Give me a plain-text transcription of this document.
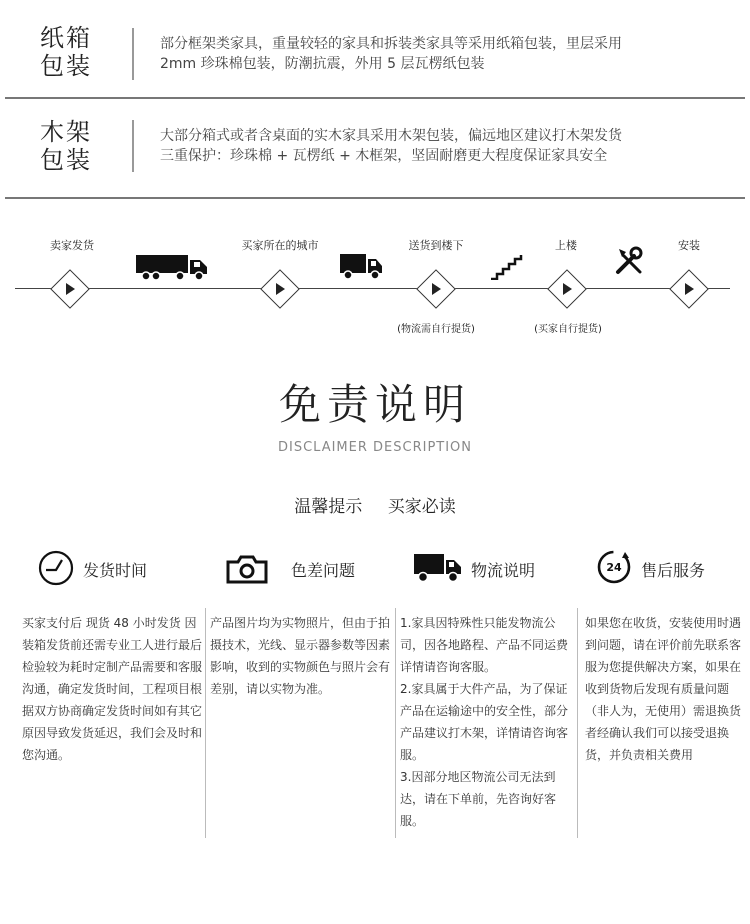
纸箱
包装
部分框架类家具，重量较轻的家具和拆装类家具等采用纸箱包装，里层采用
2mm 珍珠棉包装，防潮抗震，外用 5 层瓦楞纸包装
木架
包装
大部分箱式或者含桌面的实木家具采用木架包装，偏远地区建议打木架发货
三重保护：珍珠棉 + 瓦楞纸 + 木框架，坚固耐磨更大程度保证家具安全
卖家发货	买家所在的城市	送货到楼下	上楼	安装
(物流需自行提货)	(买家自行提货)
免责说明
DISCLAIMER DESCRIPTION
温馨提示 买家必读
发货时间	色差问题	物流说明	24 售后服务
买家支付后 现货 48 小时发货 因装箱发货前还需专业工人进行最后检验较为耗时定制产品需要和客服沟通，确定发货时间，工程项目根据双方协商确定发货时间如有其它原因导致发货延迟，我们会及时和您沟通。
产品图片均为实物照片，但由于拍摄技术，光线、显示器参数等因素影响，收到的实物颜色与照片会有差别，请以实物为准。
1.家具因特殊性只能发物流公司，因各地路程、产品不同运费详情请咨询客服。
2.家具属于大件产品，为了保证产品在运输途中的安全性，部分产品建议打木架，详情请咨询客服。
3.因部分地区物流公司无法到达，请在下单前，先咨询好客服。
如果您在收货，安装使用时遇到问题，请在评价前先联系客服为您提供解决方案，如果在收到货物后发现有质量问题（非人为，无使用）需退换货者经确认我们可以接受退换货，并负责相关费用
